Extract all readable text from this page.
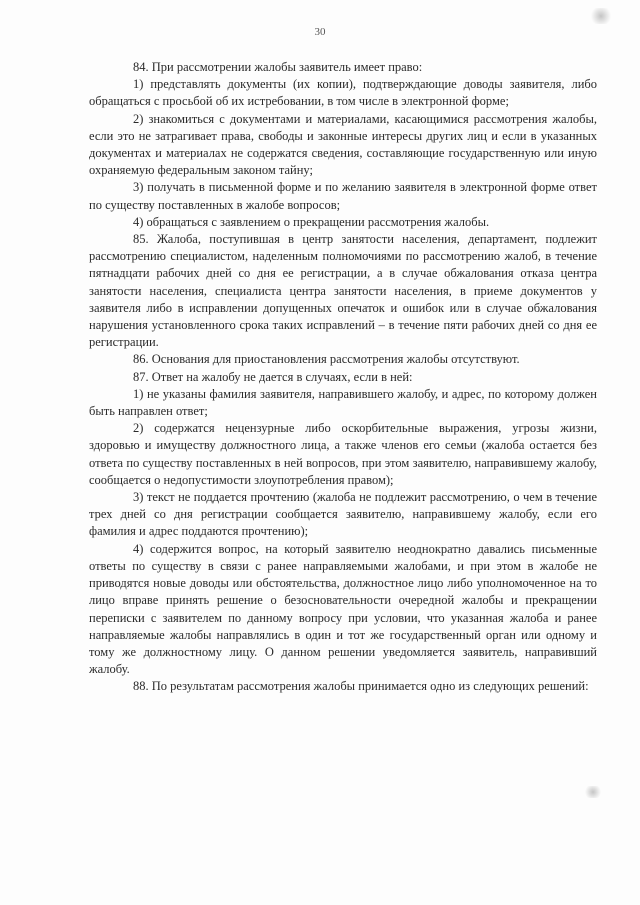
30

84. При рассмотрении жалобы заявитель имеет право:

1) представлять документы (их копии), подтверждающие доводы заявителя, либо обращаться с просьбой об их истребовании, в том числе в электронной форме;

2) знакомиться с документами и материалами, касающимися рассмотрения жалобы, если это не затрагивает права, свободы и законные интересы других лиц и если в указанных документах и материалах не содержатся сведения, составляющие государственную или иную охраняемую федеральным законом тайну;

3) получать в письменной форме и по желанию заявителя в электронной форме ответ по существу поставленных в жалобе вопросов;

4) обращаться с заявлением о прекращении рассмотрения жалобы.

85. Жалоба, поступившая в центр занятости населения, департамент, подлежит рассмотрению специалистом, наделенным полномочиями по рассмотрению жалоб, в течение пятнадцати рабочих дней со дня ее регистрации, а в случае обжалования отказа центра занятости населения, специалиста центра занятости населения, в приеме документов у заявителя либо в исправлении допущенных опечаток и ошибок или в случае обжалования нарушения установленного срока таких исправлений – в течение пяти рабочих дней со дня ее регистрации.

86. Основания для приостановления рассмотрения жалобы отсутствуют.

87. Ответ на жалобу не дается в случаях, если в ней:

1) не указаны фамилия заявителя, направившего жалобу, и адрес, по которому должен быть направлен ответ;

2) содержатся нецензурные либо оскорбительные выражения, угрозы жизни, здоровью и имуществу должностного лица, а также членов его семьи (жалоба остается без ответа по существу поставленных в ней вопросов, при этом заявителю, направившему жалобу, сообщается о недопустимости злоупотребления правом);

3) текст не поддается прочтению (жалоба не подлежит рассмотрению, о чем в течение трех дней со дня регистрации сообщается заявителю, направившему жалобу, если его фамилия и адрес поддаются прочтению);

4) содержится вопрос, на который заявителю неоднократно давались письменные ответы по существу в связи с ранее направляемыми жалобами, и при этом в жалобе не приводятся новые доводы или обстоятельства, должностное лицо либо уполномоченное на то лицо вправе принять решение о безосновательности очередной жалобы и прекращении переписки с заявителем по данному вопросу при условии, что указанная жалоба и ранее направляемые жалобы направлялись в один и тот же государственный орган или одному и тому же должностному лицу. О данном решении уведомляется заявитель, направивший жалобу.

88. По результатам рассмотрения жалобы принимается одно из следующих решений:
